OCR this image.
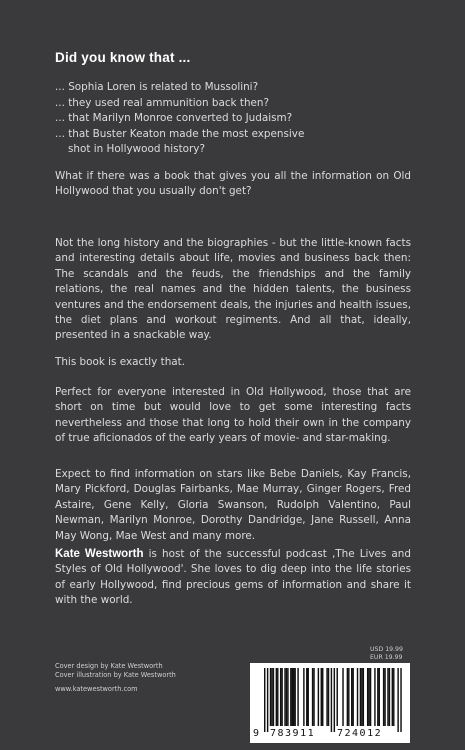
Did you know that ...
... Sophia Loren is related to Mussolini?
... they used real ammunition back then?
... that Marilyn Monroe converted to Judaism?
... that Buster Keaton made the most expensive
shot in Hollywood history?
What if there was a book that gives you all the information on Old Hollywood that you usually don't get?
Not the long history and the biographies - but the little-known facts and interesting details about life, movies and business back then: The scandals and the feuds, the friendships and the family relations, the real names and the hidden talents, the business ventures and the endorsement deals, the injuries and health issues, the diet plans and workout regiments. And all that, ideally, presented in a snackable way.
This book is exactly that.
Perfect for everyone interested in Old Hollywood, those that are short on time but would love to get some interesting facts nevertheless and those that long to hold their own in the company of true aficionados of the early years of movie- and star-making.
Expect to find information on stars like Bebe Daniels, Kay Francis, Mary Pickford, Douglas Fairbanks, Mae Murray, Ginger Rogers, Fred Astaire, Gene Kelly, Gloria Swanson, Rudolph Valentino, Paul Newman, Marilyn Monroe, Dorothy Dandridge, Jane Russell, Anna May Wong, Mae West and many more.
Kate Westworth is host of the successful podcast ‚The Lives and Styles of Old Hollywood'. She loves to dig deep into the life stories of early Hollywood, find precious gems of information and share it with the world.
USD 19.99
EUR 19.99
Cover design by Kate Westworth
Cover illustration by Kate Westworth
www.katewestworth.com
9 783911 724012
